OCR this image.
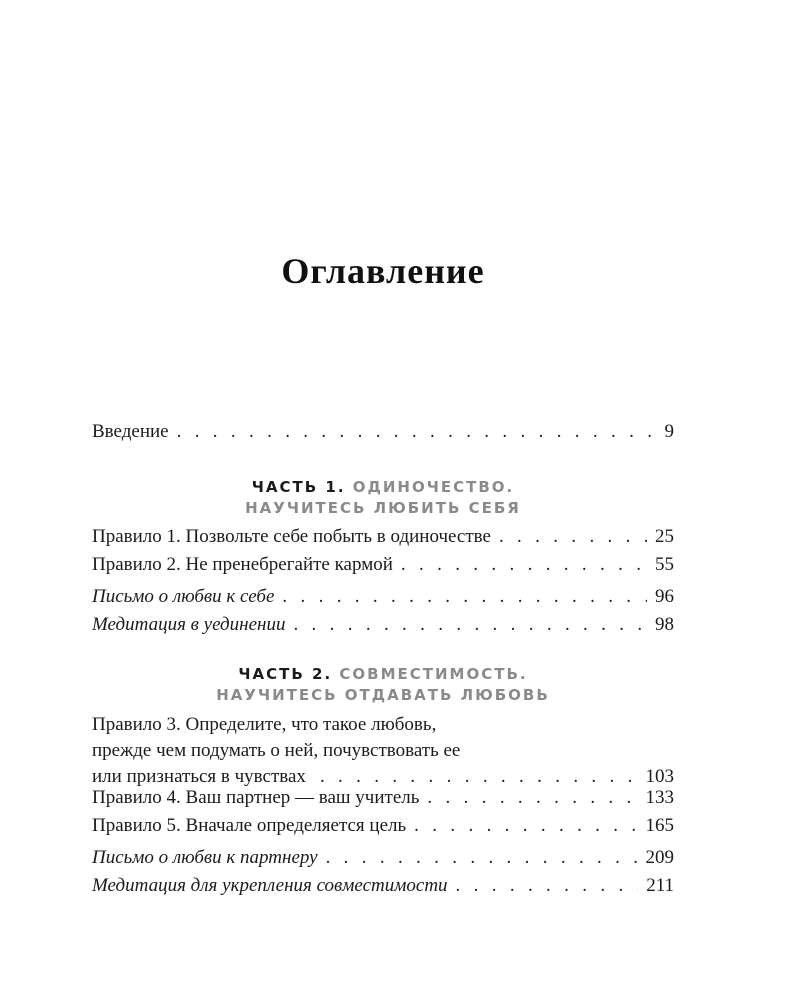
Оглавление
Введение . . .	9
Правило 1. Позвольте себе побыть в одиночестве . . .	25
Правило 2. Не пренебрегайте кармой . . .	55
Письмо о любви к себе . . .	96
Медитация в уединении . . .	98
Правило 3. Определите, что такое любовь,
прежде чем подумать о ней, почувствовать ее
или признаться в чувствах . . .	103
Правило 4. Ваш партнер — ваш учитель . . .	133
Правило 5. Вначале определяется цель . . .	165
Письмо о любви к партнеру . . .	209
Медитация для укрепления совместимости . . .	211
ЧАСТЬ 1. ОДИНОЧЕСТВО.
НАУЧИТЕСЬ ЛЮБИТЬ СЕБЯ
ЧАСТЬ 2. СОВМЕСТИМОСТЬ.
НАУЧИТЕСЬ ОТДАВАТЬ ЛЮБОВЬ
